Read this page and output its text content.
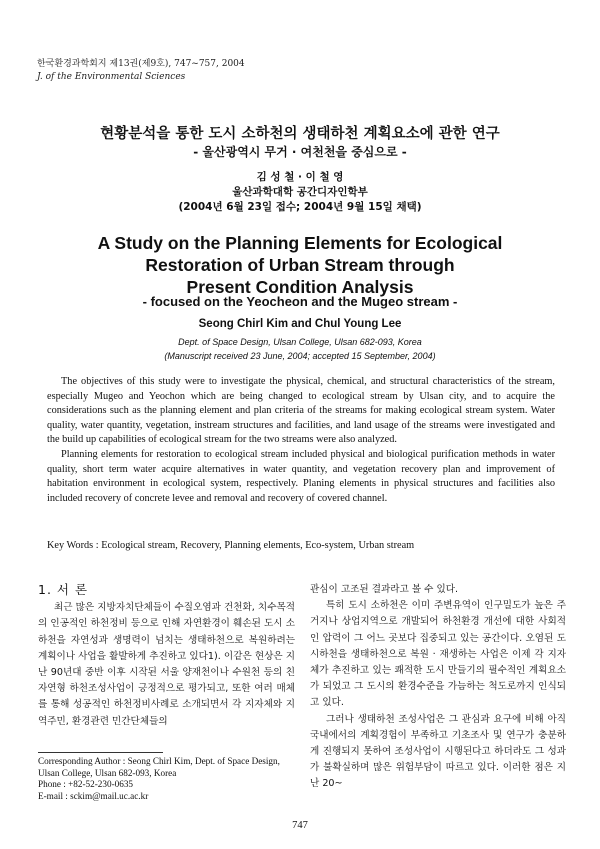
한국환경과학회지 제13권(제9호), 747~757, 2004
J. of the Environmental Sciences
현황분석을 통한 도시 소하천의 생태하천 계획요소에 관한 연구
- 울산광역시 무거 · 여천천을 중심으로 -
김 성 철 · 이 철 영
울산과학대학 공간디자인학부
(2004년 6월 23일 접수; 2004년 9월 15일 채택)
A Study on the Planning Elements for Ecological
Restoration of Urban Stream through
Present Condition Analysis
- focused on the Yeocheon and the Mugeo stream -
Seong Chirl Kim and Chul Young Lee
Dept. of Space Design, Ulsan College, Ulsan 682-093, Korea
(Manuscript received 23 June, 2004; accepted 15 September, 2004)

The objectives of this study were to investigate the physical, chemical, and structural characteristics of the stream, especially Mugeo and Yeochon which are being changed to ecological stream by Ulsan city, and to acquire the considerations such as the planning element and plan criteria of the streams for making ecological stream system. Water quality, water quantity, vegetation, instream structures and facilities, and land usage of the streams were investigated and the build up capabilities of ecological stream for the two streams were also analyzed.

Planning elements for restoration to ecological stream included physical and biological purification methods in water quality, short term water acquire alternatives in water quantity, and vegetation recovery plan and improvement of habitation environment in ecological system, respectively. Planing elements in physical structures and facilities also included recovery of concrete levee and removal and recovery of covered channel.

Key Words : Ecological stream, Recovery, Planning elements, Eco-system, Urban stream
1. 서 론

최근 많은 지방자치단체들이 수질오염과 건천화, 치수목적의 인공적인 하천정비 등으로 인해 자연환경이 훼손된 도시 소하천을 자연성과 생명력이 넘치는 생태하천으로 복원하려는 계획이나 사업을 활발하게 추진하고 있다1). 이같은 현상은 지난 90년대 중반 이후 시작된 서울 양재천이나 수원천 등의 친자연형 하천조성사업이 긍정적으로 평가되고, 또한 여러 매체를 통해 성공적인 하천정비사례로 소개되면서 각 지자체와 지역주민, 환경관련 민간단체들의

관심이 고조된 결과라고 볼 수 있다.

특히 도시 소하천은 이미 주변유역이 인구밀도가 높은 주거지나 상업지역으로 개발되어 하천환경 개선에 대한 사회적인 압력이 그 어느 곳보다 집중되고 있는 공간이다. 오염된 도시하천을 생태하천으로 복원 · 재생하는 사업은 이제 각 지자체가 추진하고 있는 쾌적한 도시 만들기의 필수적인 계획요소가 되었고 그 도시의 환경수준을 가늠하는 척도로까지 인식되고 있다.

그러나 생태하천 조성사업은 그 관심과 요구에 비해 아직 국내에서의 계획경험이 부족하고 기초조사 및 연구가 충분하게 진행되지 못하여 조성사업이 시행된다고 하더라도 그 성과가 불확실하며 많은 위험부담이 따르고 있다. 이러한 점은 지난 20~

Corresponding Author : Seong Chirl Kim, Dept. of Space Design, Ulsan College, Ulsan 682-093, Korea
Phone : +82-52-230-0635
E-mail : sckim@mail.uc.ac.kr
747
